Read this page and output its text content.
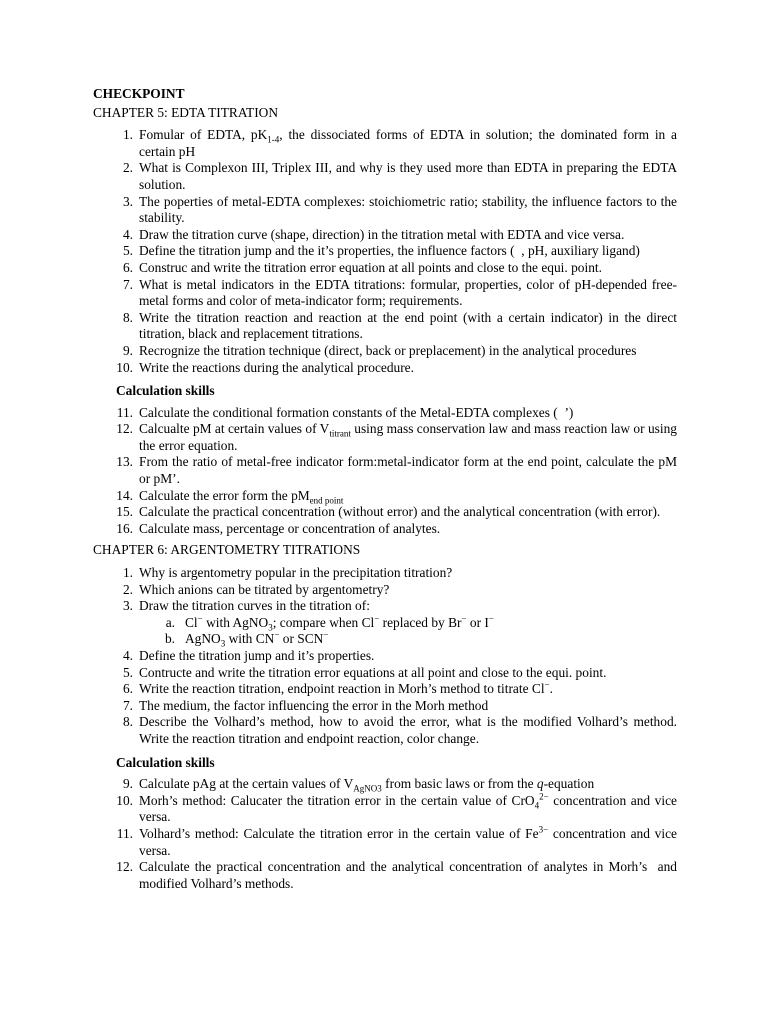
CHECKPOINT
CHAPTER 5: EDTA TITRATION
1. Fomular of EDTA, $pK_{1-4}$, the dissociated forms of EDTA in solution; the dominated form in a certain pH
2. What is Complexon III, Triplex III, and why is they used more than EDTA in preparing the EDTA solution.
3. The poperties of metal-EDTA complexes: stoichiometric ratio; stability, the influence factors to the stability.
4. Draw the titration curve (shape, direction) in the titration metal with EDTA and vice versa.
5. Define the titration jump and the it’s properties, the influence factors (  , pH, auxiliary ligand)
6. Construc and write the titration error equation at all points and close to the equi. point.
7. What is metal indicators in the EDTA titrations: formular, properties, color of pH-depended free-metal forms and color of meta-indicator form; requirements.
8. Write the titration reaction and reaction at the end point (with a certain indicator) in the direct titration, black and replacement titrations.
9. Recrognize the titration technique (direct, back or preplacement) in the analytical procedures
10. Write the reactions during the analytical procedure.
Calculation skills
11. Calculate the conditional formation constants of the Metal-EDTA complexes (  ’)
12. Calcualte pM at certain values of $V_{titrant}$ using mass conservation law and mass reaction law or using the error equation.
13. From the ratio of metal-free indicator form:metal-indicator form at the end point, calculate the pM or pM’.
14. Calculate the error form the $pM_{end point}$
15. Calculate the practical concentration (without error) and the analytical concentration (with error).
16. Calculate mass, percentage or concentration of analytes.
CHAPTER 6: ARGENTOMETRY TITRATIONS
1. Why is argentometry popular in the precipitation titration?
2. Which anions can be titrated by argentometry?
3. Draw the titration curves in the titration of:
a. Cl− with AgNO$_3$; compare when Cl− replaced by Br− or I−
b. AgNO$_3$ with CN− or SCN−
4. Define the titration jump and it’s properties.
5. Contructe and write the titration error equations at all point and close to the equi. point.
6. Write the reaction titration, endpoint reaction in Morh’s method to titrate Cl−.
7. The medium, the factor influencing the error in the Morh method
8. Describe the Volhard’s method, how to avoid the error, what is the modified Volhard’s method. Write the reaction titration and endpoint reaction, color change.
Calculation skills
9. Calculate pAg at the certain values of $V_{AgNO3}$ from basic laws or from the q-equation
10. Morh’s method: Calucater the titration error in the certain value of CrO$_4^{2-}$ concentration and vice versa.
11. Volhard’s method: Calculate the titration error in the certain value of $Fe^{3-}$ concentration and vice versa.
12. Calculate the practical concentration and the analytical concentration of analytes in Morh’s  and modified Volhard’s methods.
